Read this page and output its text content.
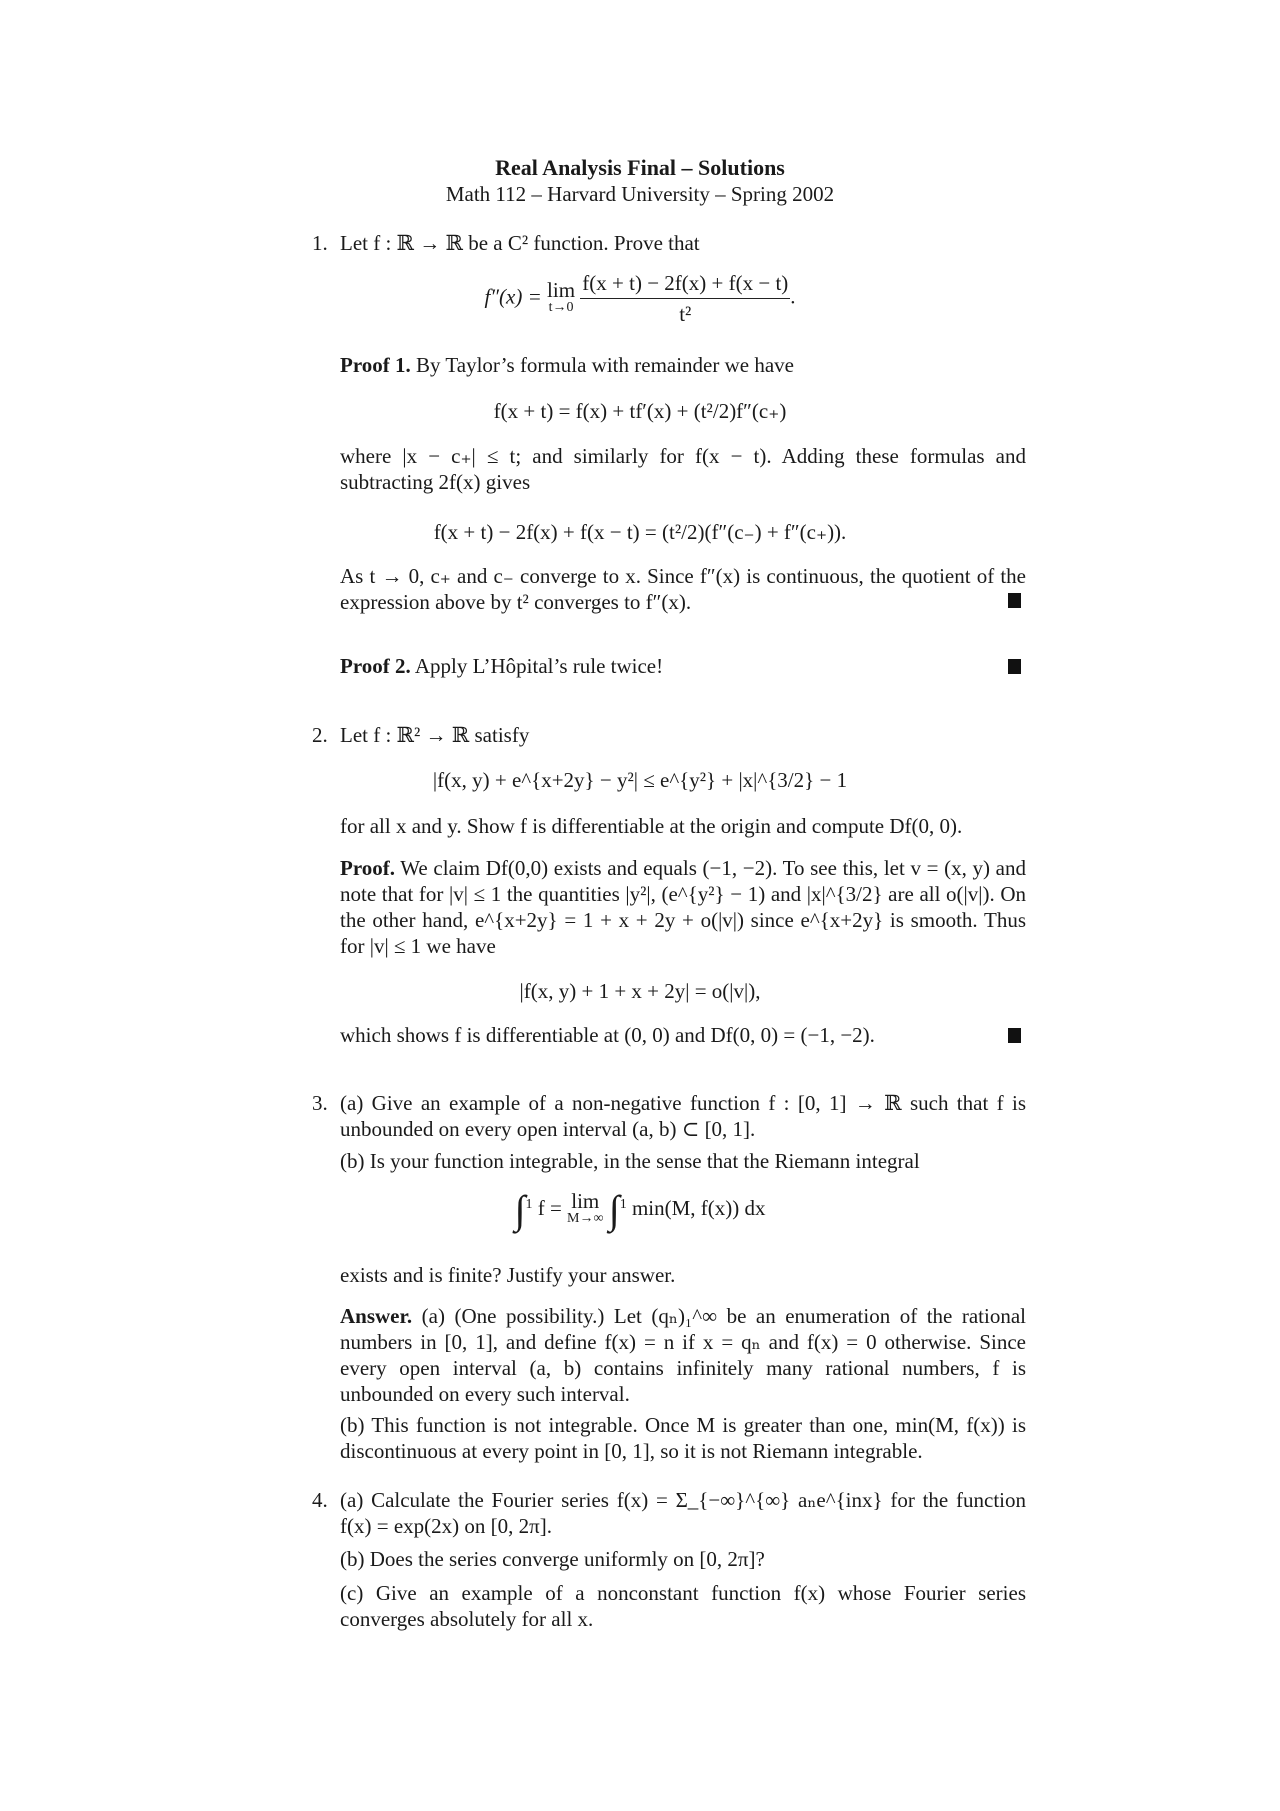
Real Analysis Final – Solutions
Math 112 – Harvard University – Spring 2002
1. Let f : ℝ → ℝ be a C² function. Prove that
f″(x) = lim
t→0
$\frac{f(x + t) - 2f(x) + f(x - t)}{\text{t²}}$ .
Proof 1. By Taylor’s formula with remainder we have
f(x + t) = f(x) + tf′(x) + (t²/2)f″(c₊)
where |x − c₊| ≤ t; and similarly for f(x − t). Adding these formulas and subtracting 2f(x) gives
f(x + t) − 2f(x) + f(x − t) = (t²/2)(f″(c₋) + f″(c₊)).
As t → 0, c₊ and c₋ converge to x. Since f″(x) is continuous, the quotient of the expression above by t² converges to f″(x).
Proof 2. Apply L’Hôpital’s rule twice!
2. Let f : ℝ² → ℝ satisfy
|f(x, y) + e^{x+2y} − y²| ≤ e^{y²} + |x|^{3/2} − 1
for all x and y. Show f is differentiable at the origin and compute Df(0, 0).
Proof. We claim Df(0,0) exists and equals (−1, −2). To see this, let v = (x, y) and note that for |v| ≤ 1 the quantities |y²|, (e^{y²} − 1) and |x|^{3/2} are all o(|v|). On the other hand, e^{x+2y} = 1 + x + 2y + o(|v|) since e^{x+2y} is smooth. Thus for |v| ≤ 1 we have
|f(x, y) + 1 + x + 2y| = o(|v|),
which shows f is differentiable at (0, 0) and Df(0, 0) = (−1, −2).
3. (a) Give an example of a non-negative function f : [0, 1] → ℝ such that f is unbounded on every open interval (a, b) ⊂ [0, 1].
(b) Is your function integrable, in the sense that the Riemann integral
∫$^1$ f = lim
M→∞ ∫$^1$ min(M, f(x)) dx
exists and is finite? Justify your answer.
Answer. (a) (One possibility.) Let (qₙ)₁^∞ be an enumeration of the rational numbers in [0, 1], and define f(x) = n if x = qₙ and f(x) = 0 otherwise. Since every open interval (a, b) contains infinitely many rational numbers, f is unbounded on every such interval.
(b) This function is not integrable. Once M is greater than one, min(M, f(x)) is discontinuous at every point in [0, 1], so it is not Riemann integrable.
4. (a) Calculate the Fourier series f(x) = Σ_{−∞}^{∞} aₙe^{inx} for the function f(x) = exp(2x) on [0, 2π].
(b) Does the series converge uniformly on [0, 2π]?
(c) Give an example of a nonconstant function f(x) whose Fourier series converges absolutely for all x.
